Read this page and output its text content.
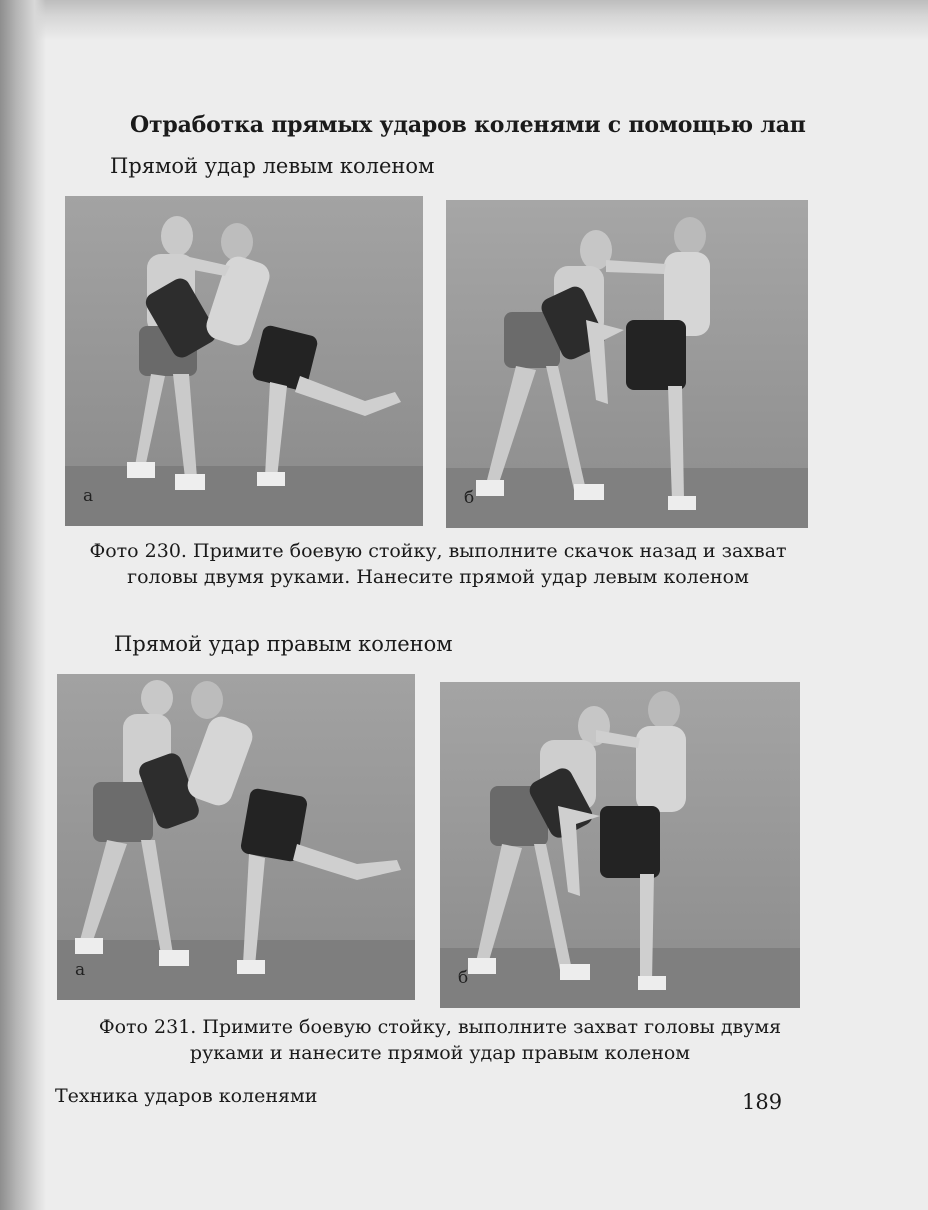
Отработка прямых ударов коленями с помощью лап
Прямой удар левым коленом
а	б
Фото 230. Примите боевую стойку, выполните скачок назад и захват
головы двумя руками. Нанесите прямой удар левым коленом
Прямой удар правым коленом
а	б
Фото 231. Примите боевую стойку, выполните захват головы двумя
руками и нанесите прямой удар правым коленом
Техника ударов коленями	189
